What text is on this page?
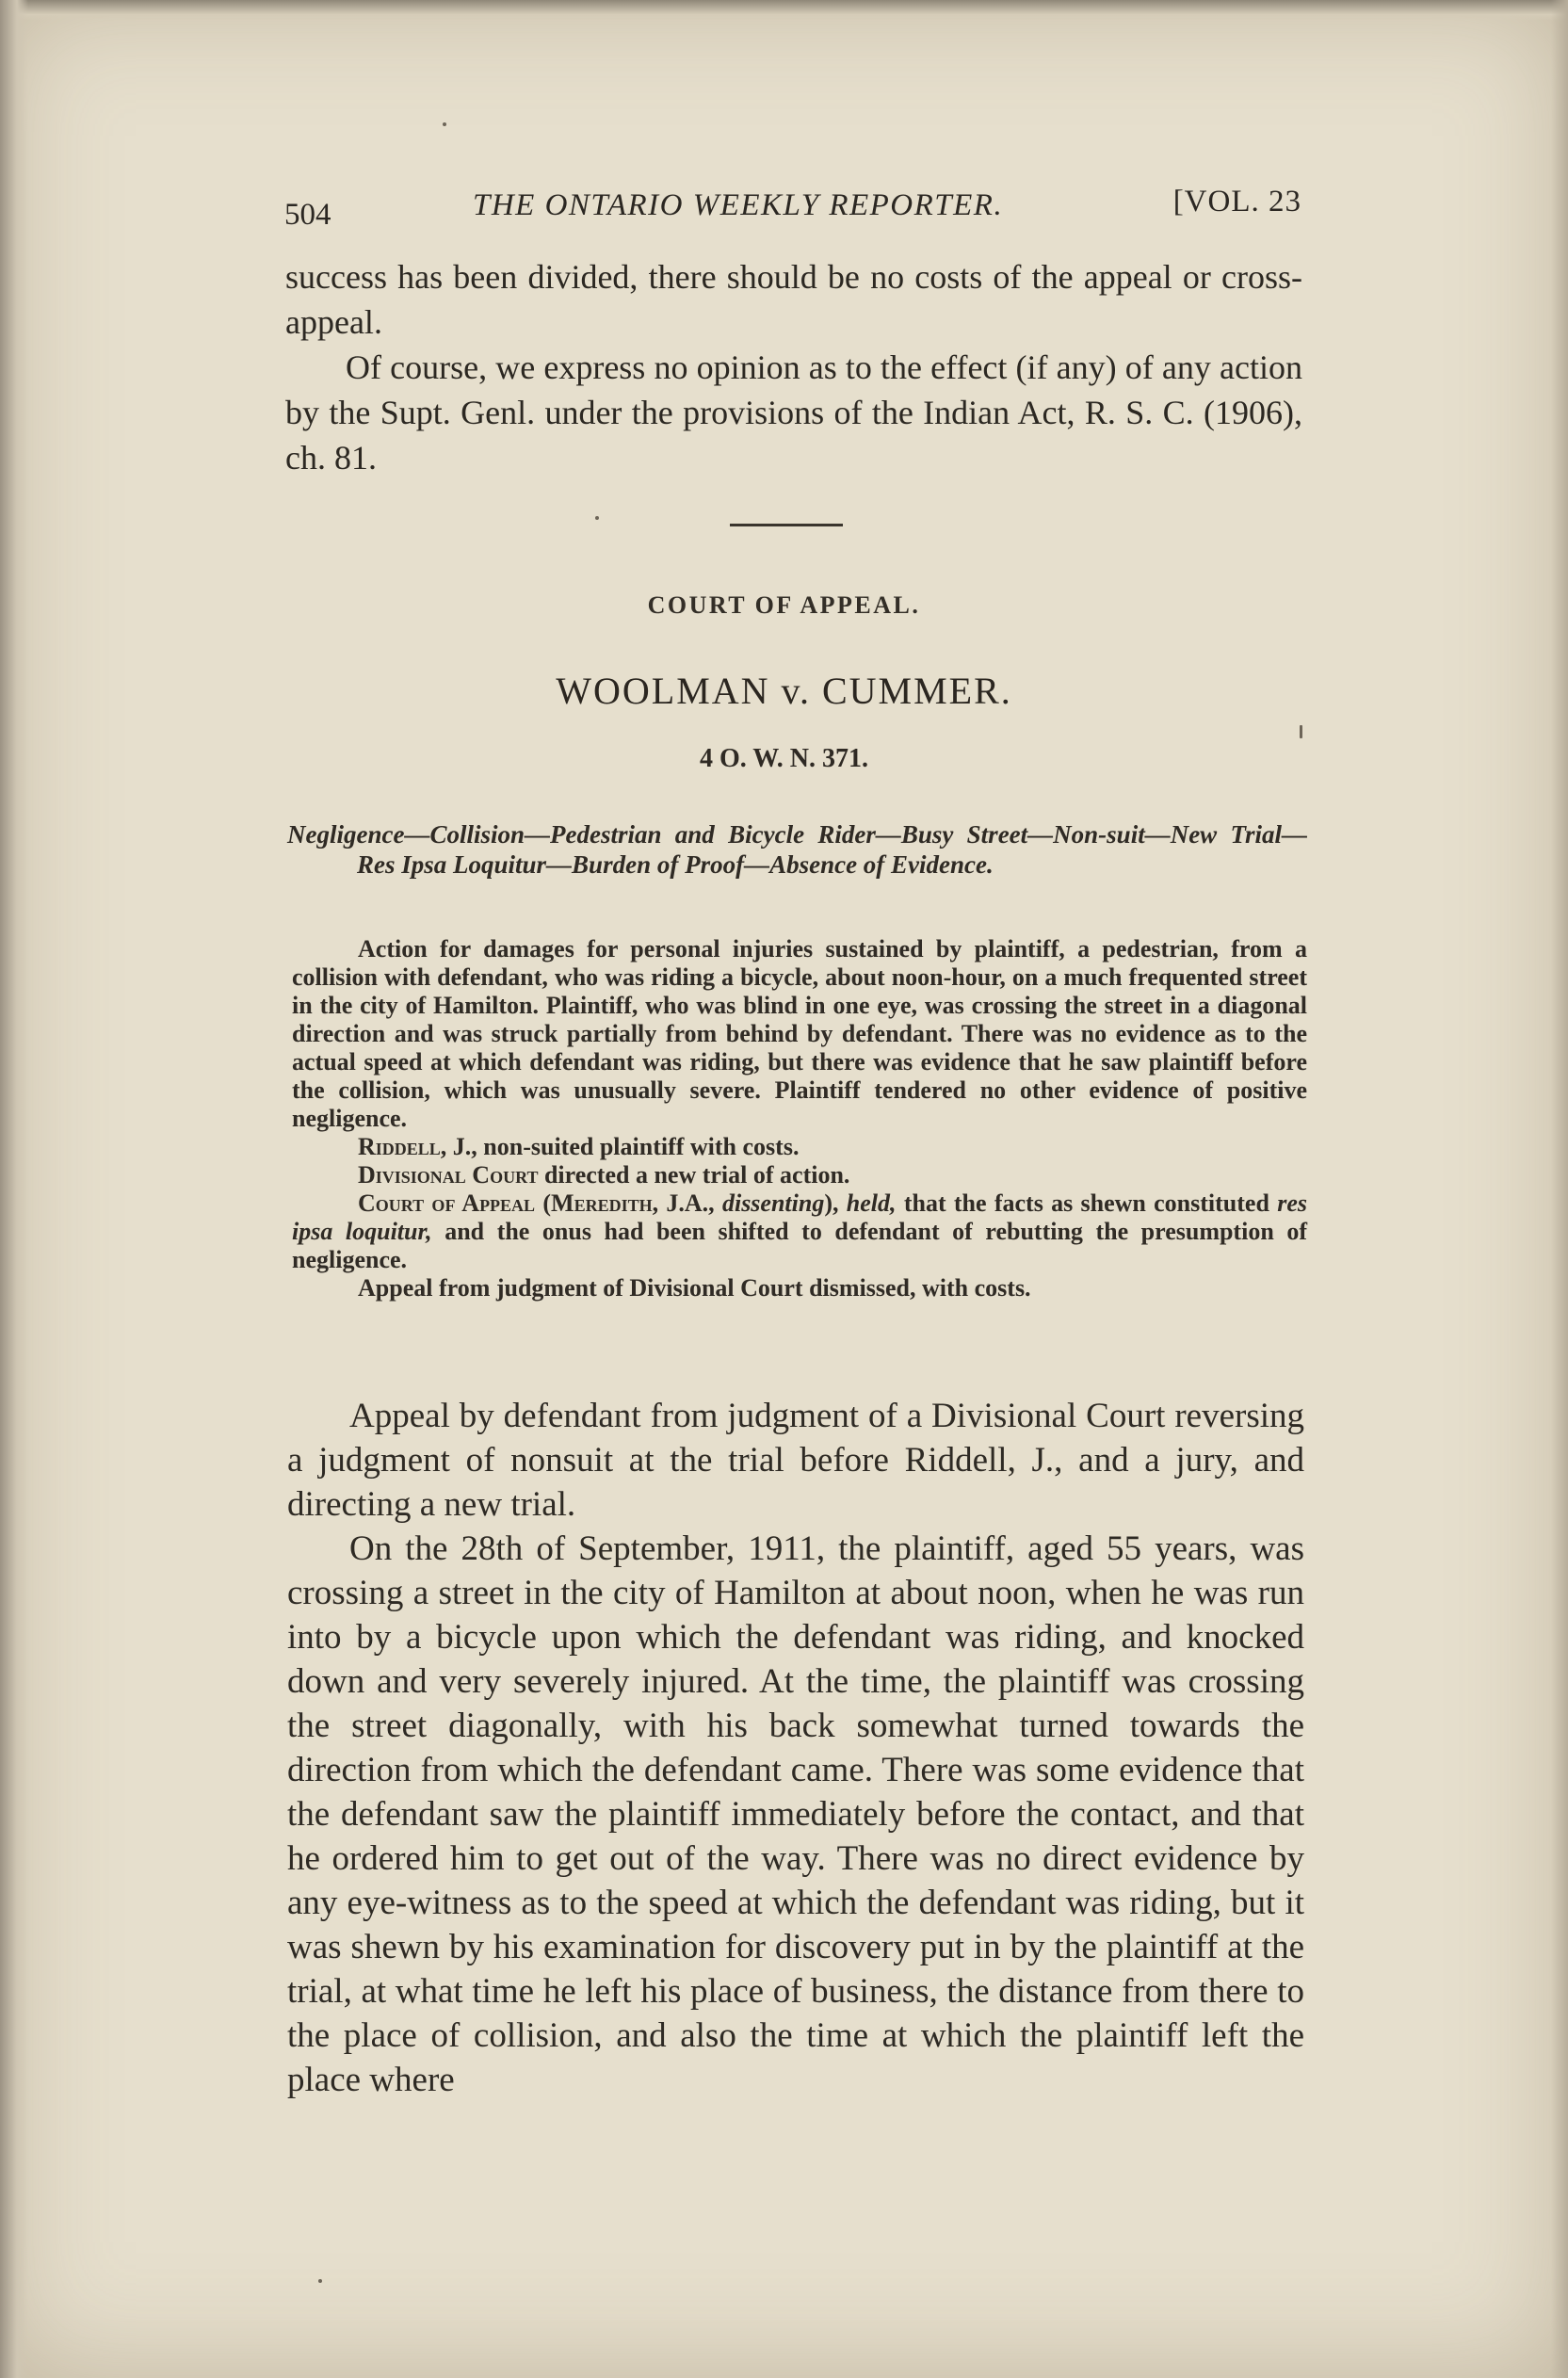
504	THE ONTARIO WEEKLY REPORTER.	[VOL. 23

success has been divided, there should be no costs of the appeal or cross-appeal.

Of course, we express no opinion as to the effect (if any) of any action by the Supt. Genl. under the provisions of the Indian Act, R. S. C. (1906), ch. 81.

COURT OF APPEAL.
WOOLMAN v. CUMMER.
4 O. W. N. 371.
Negligence—Collision—Pedestrian and Bicycle Rider—Busy Street—Non-suit—New Trial—Res Ipsa Loquitur—Burden of Proof—Absence of Evidence.

Action for damages for personal injuries sustained by plaintiff, a pedestrian, from a collision with defendant, who was riding a bicycle, about noon-hour, on a much frequented street in the city of Hamilton. Plaintiff, who was blind in one eye, was crossing the street in a diagonal direction and was struck partially from behind by defendant. There was no evidence as to the actual speed at which defendant was riding, but there was evidence that he saw plaintiff before the collision, which was unusually severe. Plaintiff tendered no other evidence of positive negligence.

Riddell, J., non-suited plaintiff with costs.

Divisional Court directed a new trial of action.

Court of Appeal (Meredith, J.A., dissenting), held, that the facts as shewn constituted res ipsa loquitur, and the onus had been shifted to defendant of rebutting the presumption of negligence.

Appeal from judgment of Divisional Court dismissed, with costs.

Appeal by defendant from judgment of a Divisional Court reversing a judgment of nonsuit at the trial before Riddell, J., and a jury, and directing a new trial.

On the 28th of September, 1911, the plaintiff, aged 55 years, was crossing a street in the city of Hamilton at about noon, when he was run into by a bicycle upon which the defendant was riding, and knocked down and very severely injured. At the time, the plaintiff was crossing the street diagonally, with his back somewhat turned towards the direction from which the defendant came. There was some evidence that the defendant saw the plaintiff immediately before the contact, and that he ordered him to get out of the way. There was no direct evidence by any eye-witness as to the speed at which the defendant was riding, but it was shewn by his examination for discovery put in by the plaintiff at the trial, at what time he left his place of business, the distance from there to the place of collision, and also the time at which the plaintiff left the place where
